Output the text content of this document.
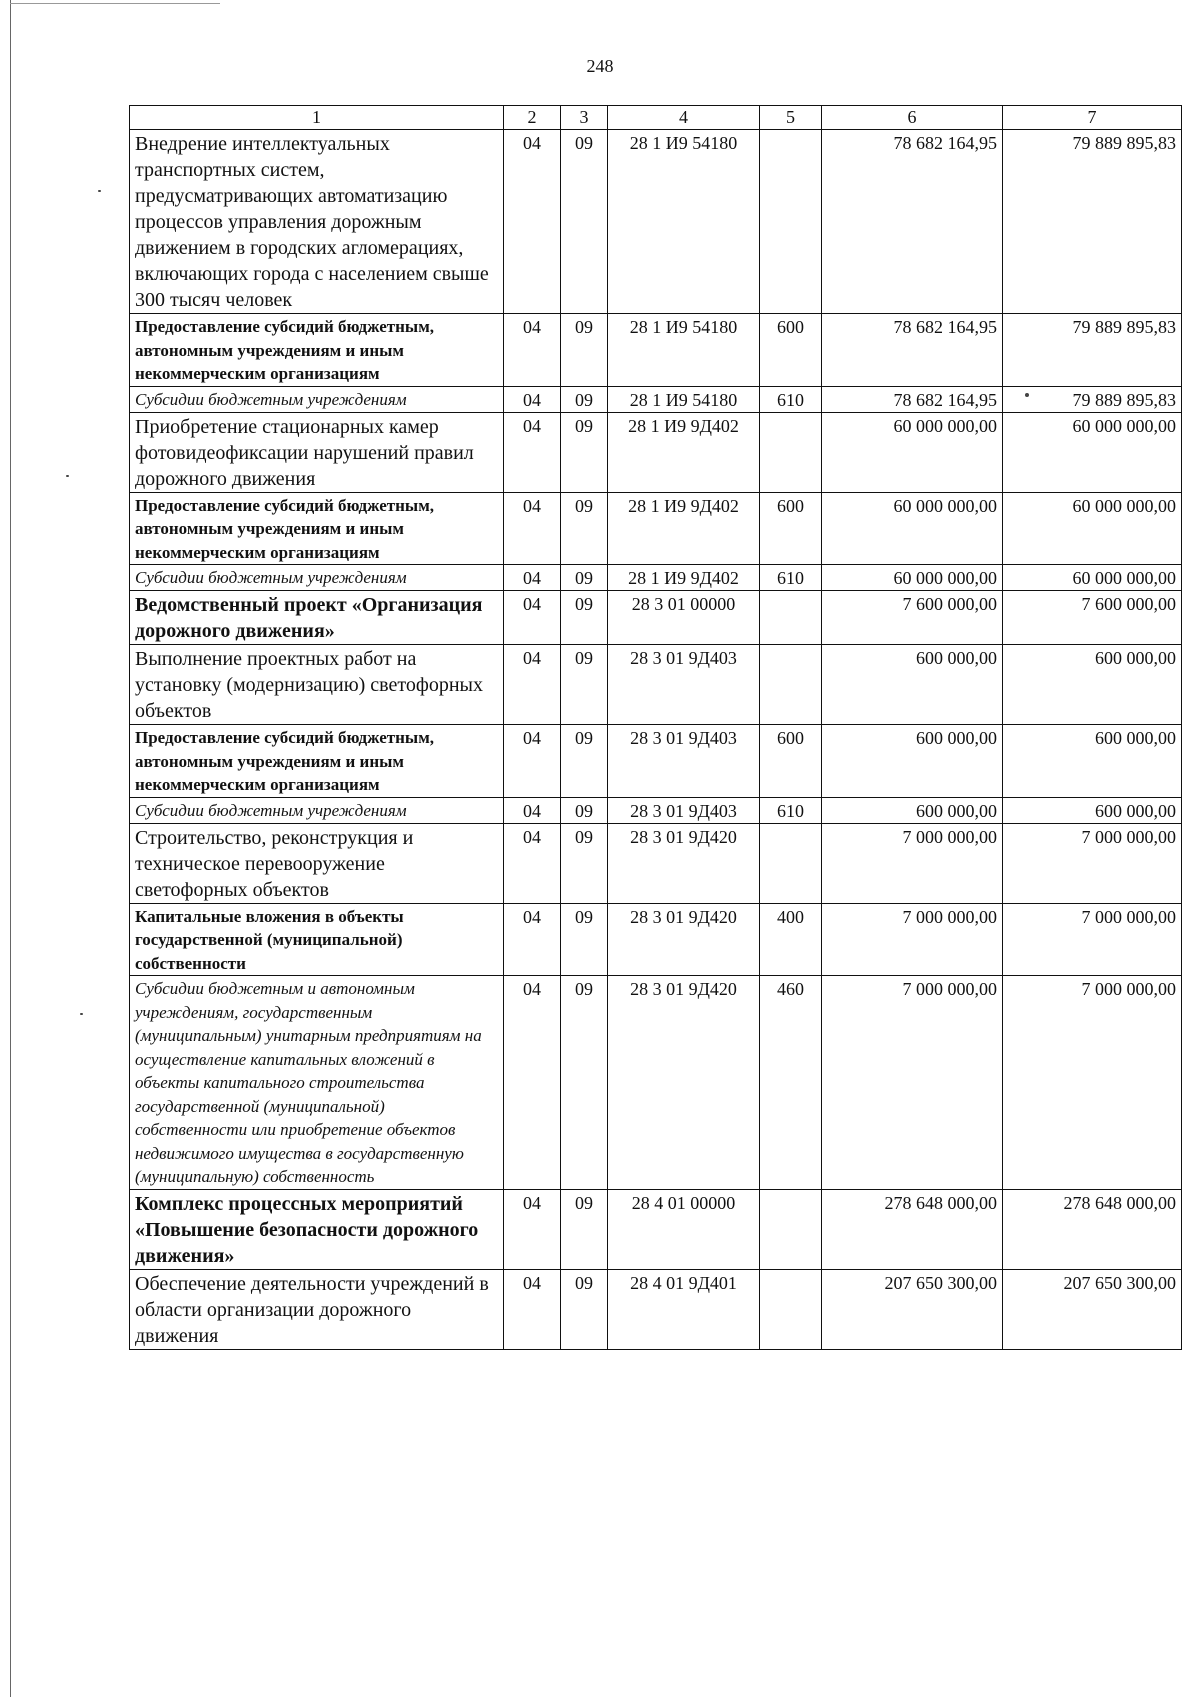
248
1	2	3	4	5	6	7
Внедрение интеллектуальных транспортных систем, предусматривающих автоматизацию процессов управления дорожным движением в городских агломерациях, включающих города с населением свыше 300 тысяч человек	04	09	28 1 И9 54180		78 682 164,95	79 889 895,83
Предоставление субсидий бюджетным, автономным учреждениям и иным некоммерческим организациям	04	09	28 1 И9 54180	600	78 682 164,95	79 889 895,83
Субсидии бюджетным учреждениям	04	09	28 1 И9 54180	610	78 682 164,95	79 889 895,83
Приобретение стационарных камер фотовидеофиксации нарушений правил дорожного движения	04	09	28 1 И9 9Д402		60 000 000,00	60 000 000,00
Предоставление субсидий бюджетным, автономным учреждениям и иным некоммерческим организациям	04	09	28 1 И9 9Д402	600	60 000 000,00	60 000 000,00
Субсидии бюджетным учреждениям	04	09	28 1 И9 9Д402	610	60 000 000,00	60 000 000,00
Ведомственный проект «Организация дорожного движения»	04	09	28 3 01 00000		7 600 000,00	7 600 000,00
Выполнение проектных работ на установку (модернизацию) светофорных объектов	04	09	28 3 01 9Д403		600 000,00	600 000,00
Предоставление субсидий бюджетным, автономным учреждениям и иным некоммерческим организациям	04	09	28 3 01 9Д403	600	600 000,00	600 000,00
Субсидии бюджетным учреждениям	04	09	28 3 01 9Д403	610	600 000,00	600 000,00
Строительство, реконструкция и техническое перевооружение светофорных объектов	04	09	28 3 01 9Д420		7 000 000,00	7 000 000,00
Капитальные вложения в объекты государственной (муниципальной) собственности	04	09	28 3 01 9Д420	400	7 000 000,00	7 000 000,00
Субсидии бюджетным и автономным учреждениям, государственным (муниципальным) унитарным предприятиям на осуществление капитальных вложений в объекты капитального строительства государственной (муниципальной) собственности или приобретение объектов недвижимого имущества в государственную (муниципальную) собственность	04	09	28 3 01 9Д420	460	7 000 000,00	7 000 000,00
Комплекс процессных мероприятий «Повышение безопасности дорожного движения»	04	09	28 4 01 00000		278 648 000,00	278 648 000,00
Обеспечение деятельности учреждений в области организации дорожного движения	04	09	28 4 01 9Д401		207 650 300,00	207 650 300,00
